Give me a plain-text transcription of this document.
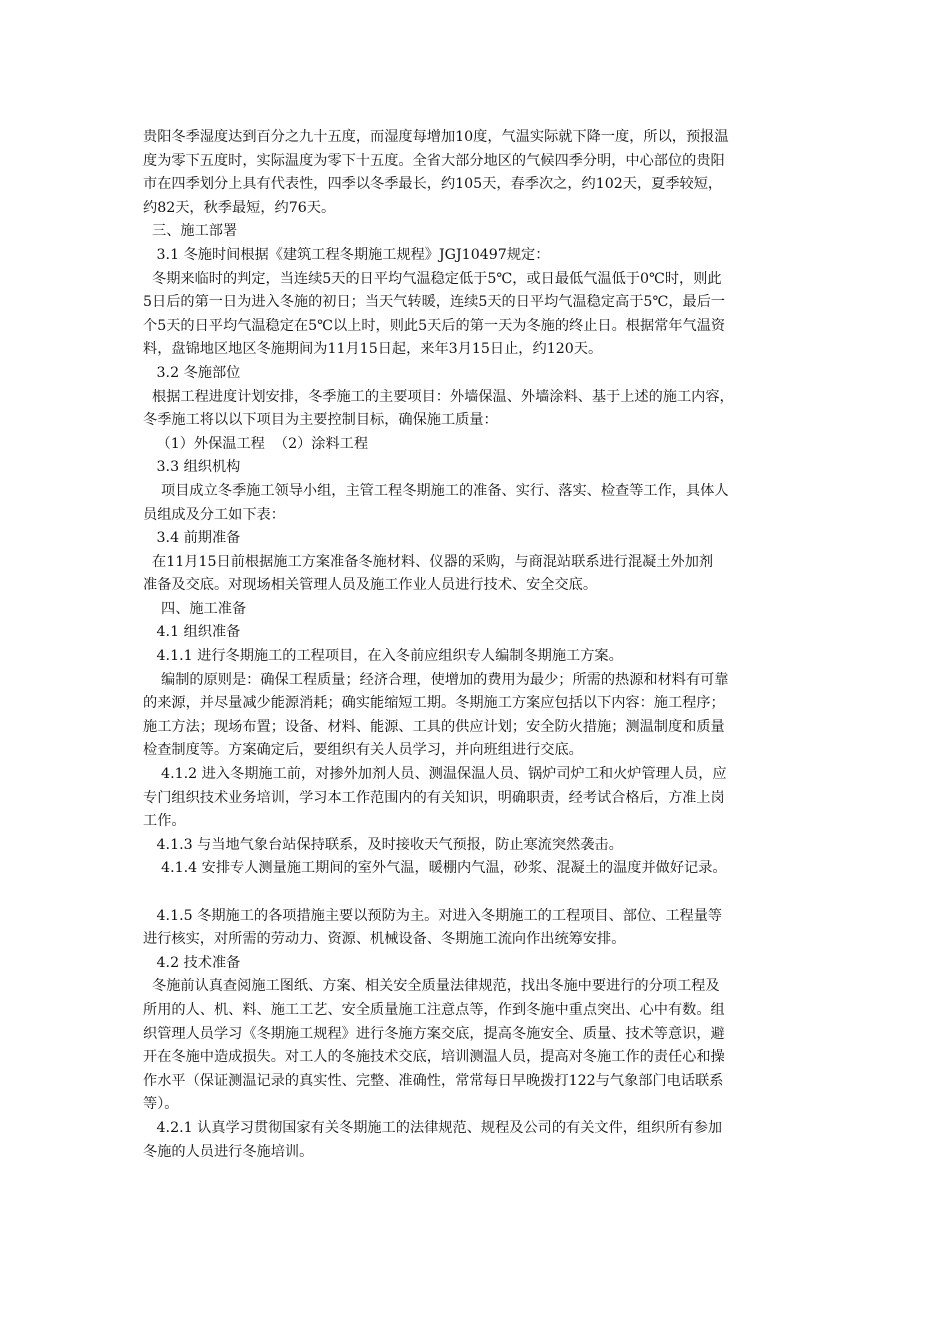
贵阳冬季湿度达到百分之九十五度，而湿度每增加10度，气温实际就下降一度，所以，预报温
度为零下五度时，实际温度为零下十五度。全省大部分地区的气候四季分明，中心部位的贵阳
市在四季划分上具有代表性，四季以冬季最长，约105天，春季次之，约102天，夏季较短，
约82天，秋季最短，约76天。
三、施工部署
3.1 冬施时间根据《建筑工程冬期施工规程》JGJ10497规定：
冬期来临时的判定，当连续5天的日平均气温稳定低于5℃，或日最低气温低于0℃时，则此
5日后的第一日为进入冬施的初日；当天气转暖，连续5天的日平均气温稳定高于5℃，最后一
个5天的日平均气温稳定在5℃以上时，则此5天后的第一天为冬施的终止日。根据常年气温资
料，盘锦地区地区冬施期间为11月15日起，来年3月15日止，约120天。
3.2 冬施部位
根据工程进度计划安排，冬季施工的主要项目：外墙保温、外墙涂料、基于上述的施工内容，
冬季施工将以以下项目为主要控制目标，确保施工质量：
（1）外保温工程  （2）涂料工程
3.3 组织机构
项目成立冬季施工领导小组，主管工程冬期施工的准备、实行、落实、检查等工作，具体人
员组成及分工如下表：
3.4 前期准备
在11月15日前根据施工方案准备冬施材料、仪器的采购，与商混站联系进行混凝土外加剂
准备及交底。对现场相关管理人员及施工作业人员进行技术、安全交底。
四、施工准备
4.1 组织准备
4.1.1 进行冬期施工的工程项目，在入冬前应组织专人编制冬期施工方案。
编制的原则是：确保工程质量；经济合理，使增加的费用为最少；所需的热源和材料有可靠
的来源，并尽量减少能源消耗；确实能缩短工期。冬期施工方案应包括以下内容：施工程序；
施工方法；现场布置；设备、材料、能源、工具的供应计划；安全防火措施；测温制度和质量
检查制度等。方案确定后，要组织有关人员学习，并向班组进行交底。
4.1.2 进入冬期施工前，对掺外加剂人员、测温保温人员、锅炉司炉工和火炉管理人员，应
专门组织技术业务培训，学习本工作范围内的有关知识，明确职责，经考试合格后，方准上岗
工作。
4.1.3 与当地气象台站保持联系，及时接收天气预报，防止寒流突然袭击。
4.1.4 安排专人测量施工期间的室外气温，暖棚内气温，砂浆、混凝土的温度并做好记录。
4.1.5 冬期施工的各项措施主要以预防为主。对进入冬期施工的工程项目、部位、工程量等
进行核实，对所需的劳动力、资源、机械设备、冬期施工流向作出统筹安排。
4.2 技术准备
冬施前认真查阅施工图纸、方案、相关安全质量法律规范，找出冬施中要进行的分项工程及
所用的人、机、料、施工工艺、安全质量施工注意点等，作到冬施中重点突出、心中有数。组
织管理人员学习《冬期施工规程》进行冬施方案交底，提高冬施安全、质量、技术等意识，避
开在冬施中造成损失。对工人的冬施技术交底，培训测温人员，提高对冬施工作的责任心和操
作水平（保证测温记录的真实性、完整、准确性，常常每日早晚拨打122与气象部门电话联系
等）。
4.2.1 认真学习贯彻国家有关冬期施工的法律规范、规程及公司的有关文件，组织所有参加
冬施的人员进行冬施培训。
